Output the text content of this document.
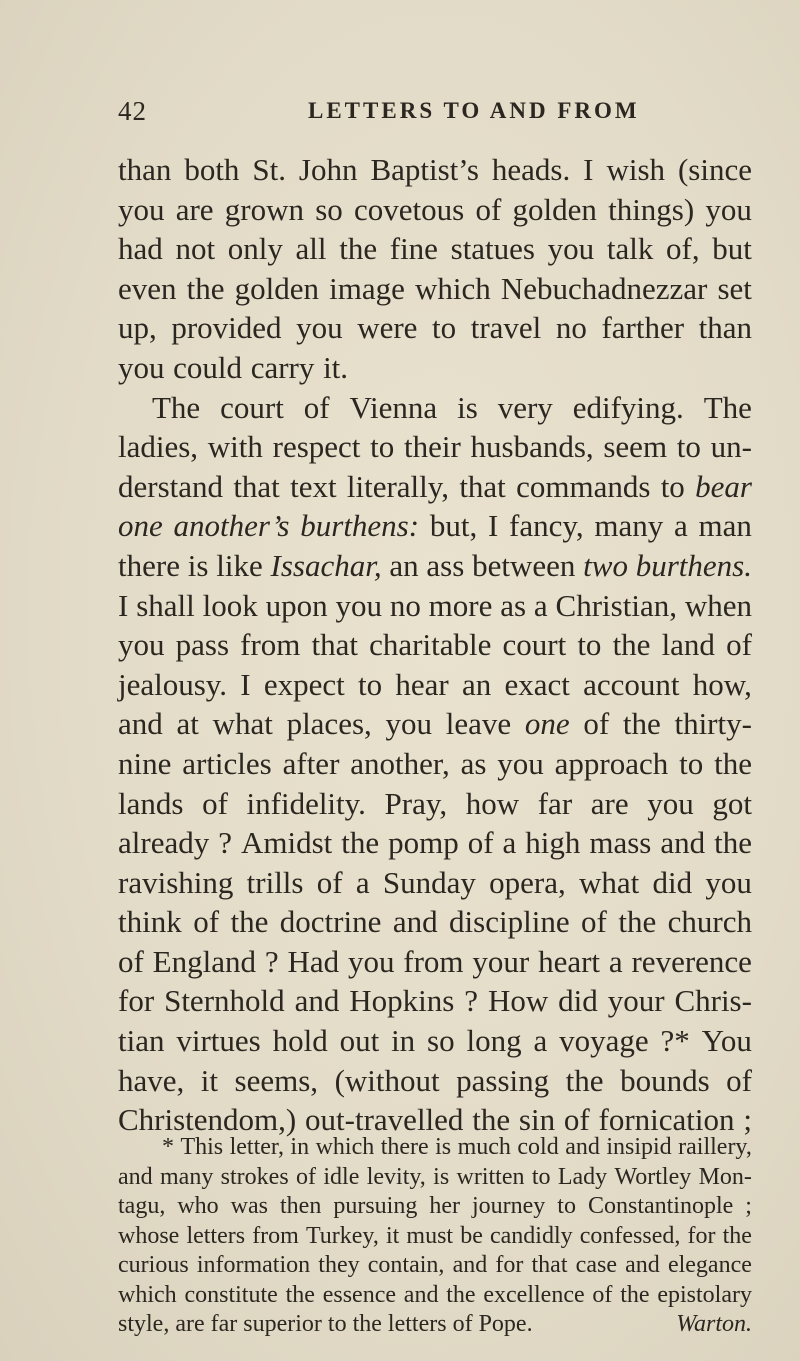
42	LETTERS TO AND FROM
than both St. John Baptist’s heads. I wish (since
you are grown so covetous of golden things) you
had not only all the fine statues you talk of, but
even the golden image which Nebuchadnezzar set
up, provided you were to travel no farther than
you could carry it.
The court of Vienna is very edifying. The
ladies, with respect to their husbands, seem to un-
derstand that text literally, that commands to bear
one another’s burthens: but, I fancy, many a man
there is like Issachar, an ass between two burthens.
I shall look upon you no more as a Christian, when
you pass from that charitable court to the land of
jealousy. I expect to hear an exact account how,
and at what places, you leave one of the thirty-
nine articles after another, as you approach to the
lands of infidelity. Pray, how far are you got
already ? Amidst the pomp of a high mass and the
ravishing trills of a Sunday opera, what did you
think of the doctrine and discipline of the church
of England ? Had you from your heart a reverence
for Sternhold and Hopkins ? How did your Chris-
tian virtues hold out in so long a voyage ?* You
have, it seems, (without passing the bounds of
Christendom,) out-travelled the sin of fornication ;
* This letter, in which there is much cold and insipid raillery,
and many strokes of idle levity, is written to Lady Wortley Mon-
tagu, who was then pursuing her journey to Constantinople ;
whose letters from Turkey, it must be candidly confessed, for the
curious information they contain, and for that case and elegance
which constitute the essence and the excellence of the epistolary
style, are far superior to the letters of Pope.	Warton.
